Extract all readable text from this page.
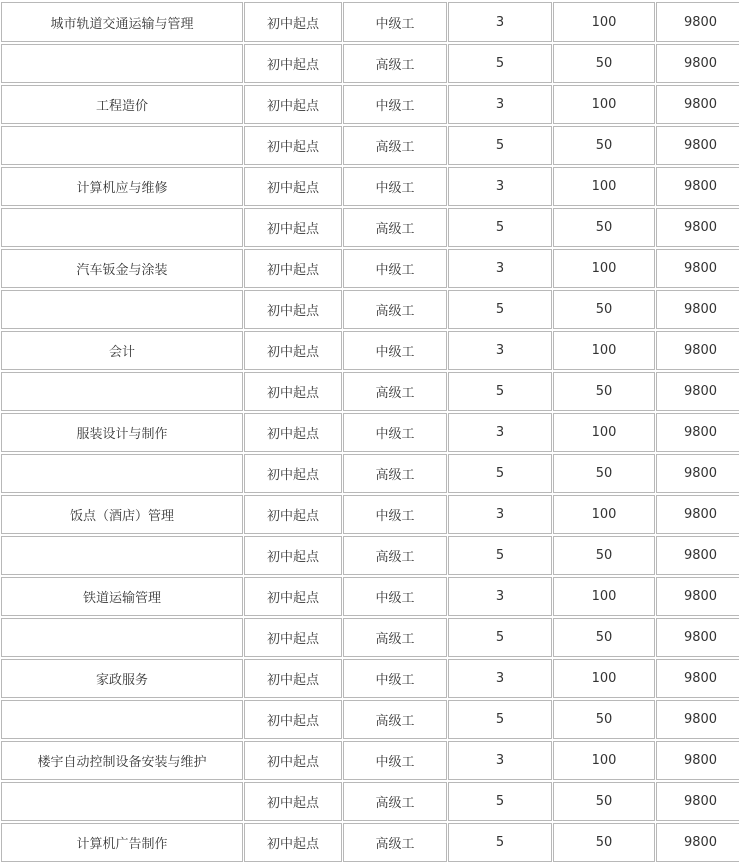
城市轨道交通运输与管理	初中起点	中级工	3	100	9800
	初中起点	高级工	5	50	9800
工程造价	初中起点	中级工	3	100	9800
	初中起点	高级工	5	50	9800
计算机应与维修	初中起点	中级工	3	100	9800
	初中起点	高级工	5	50	9800
汽车钣金与涂装	初中起点	中级工	3	100	9800
	初中起点	高级工	5	50	9800
会计	初中起点	中级工	3	100	9800
	初中起点	高级工	5	50	9800
服装设计与制作	初中起点	中级工	3	100	9800
	初中起点	高级工	5	50	9800
饭点（酒店）管理	初中起点	中级工	3	100	9800
	初中起点	高级工	5	50	9800
铁道运输管理	初中起点	中级工	3	100	9800
	初中起点	高级工	5	50	9800
家政服务	初中起点	中级工	3	100	9800
	初中起点	高级工	5	50	9800
楼宇自动控制设备安装与维护	初中起点	中级工	3	100	9800
	初中起点	高级工	5	50	9800
计算机广告制作	初中起点	高级工	5	50	9800
